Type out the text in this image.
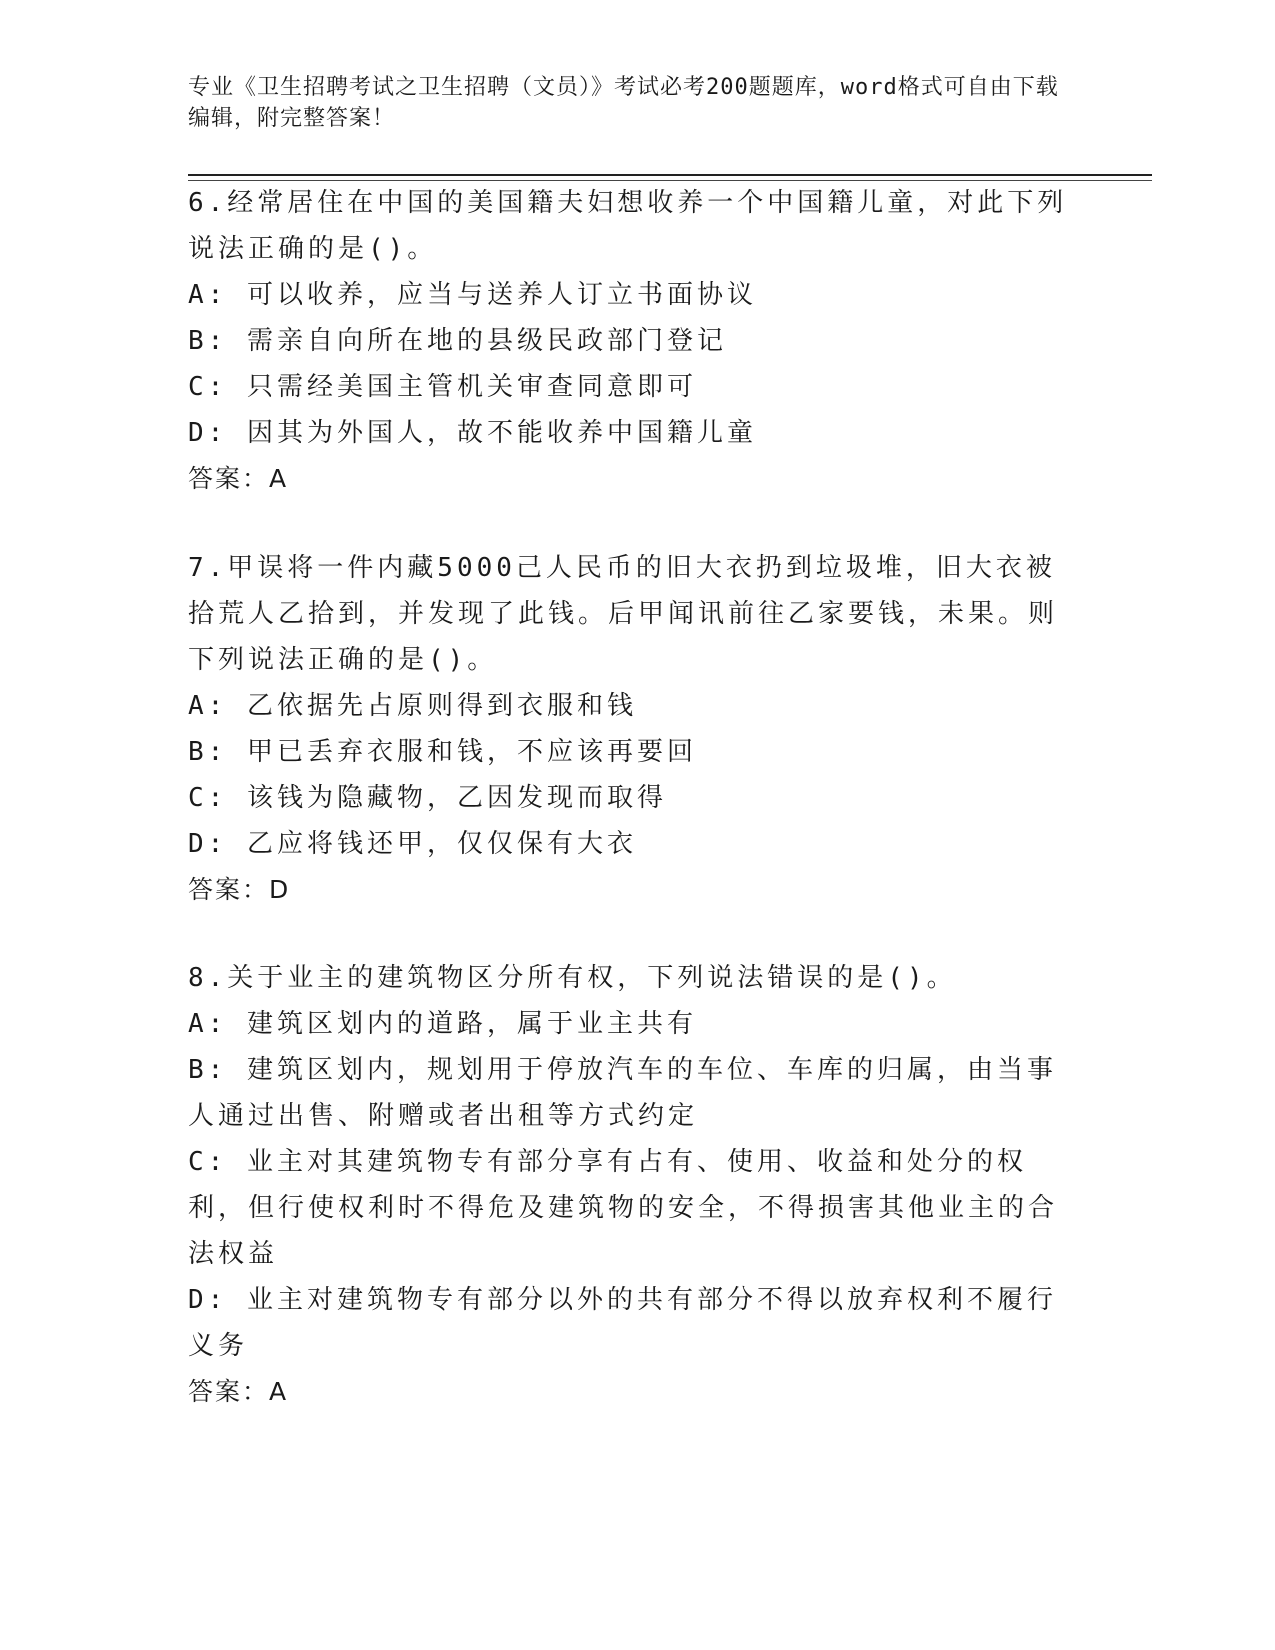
专业《卫生招聘考试之卫生招聘（文员）》考试必考200题题库，word格式可自由下载编辑，附完整答案！

6.经常居住在中国的美国籍夫妇想收养一个中国籍儿童，对此下列说法正确的是()。

A: 可以收养，应当与送养人订立书面协议

B: 需亲自向所在地的县级民政部门登记

C: 只需经美国主管机关审查同意即可

D: 因其为外国人，故不能收养中国籍儿童

答案：A

7.甲误将一件内藏5000己人民币的旧大衣扔到垃圾堆，旧大衣被拾荒人乙拾到，并发现了此钱。后甲闻讯前往乙家要钱，未果。则下列说法正确的是()。

A: 乙依据先占原则得到衣服和钱

B: 甲已丢弃衣服和钱，不应该再要回

C: 该钱为隐藏物，乙因发现而取得

D: 乙应将钱还甲，仅仅保有大衣

答案：D

8.关于业主的建筑物区分所有权，下列说法错误的是()。

A: 建筑区划内的道路，属于业主共有

B: 建筑区划内，规划用于停放汽车的车位、车库的归属，由当事人通过出售、附赠或者出租等方式约定

C: 业主对其建筑物专有部分享有占有、使用、收益和处分的权利，但行使权利时不得危及建筑物的安全，不得损害其他业主的合法权益

D: 业主对建筑物专有部分以外的共有部分不得以放弃权利不履行义务

答案：A
